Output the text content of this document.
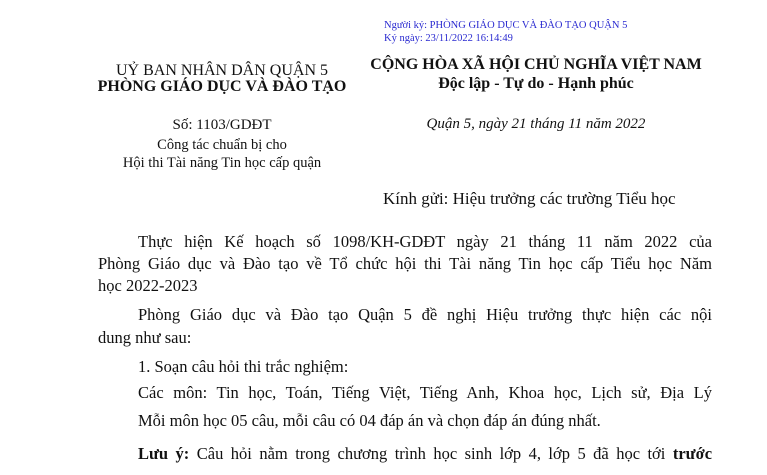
Người ký: PHÒNG GIÁO DỤC VÀ ĐÀO TẠO QUẬN 5
Ký ngày: 23/11/2022 16:14:49
UỶ BAN NHÂN DÂN QUẬN 5
PHÒNG GIÁO DỤC VÀ ĐÀO TẠO
CỘNG HÒA XÃ HỘI CHỦ NGHĨA VIỆT NAM
Độc lập - Tự do - Hạnh phúc
Số: 1103/GDĐT
Công tác chuẩn bị cho
Hội thi Tài năng Tin học cấp quận
Quận 5, ngày 21 tháng 11 năm 2022
Kính gửi: Hiệu trưởng các trường Tiểu học
Thực hiện Kế hoạch số 1098/KH-GDĐT ngày 21 tháng 11 năm 2022 của
Phòng Giáo dục và Đào tạo về Tổ chức hội thi Tài năng Tin học cấp Tiểu học Năm
học 2022-2023
Phòng Giáo dục và Đào tạo Quận 5 đề nghị Hiệu trưởng thực hiện các nội
dung như sau:
1. Soạn câu hỏi thi trắc nghiệm:
Các môn: Tin học, Toán, Tiếng Việt, Tiếng Anh, Khoa học, Lịch sử, Địa Lý
Mỗi môn học 05 câu, mỗi câu có 04 đáp án và chọn đáp án đúng nhất.
Lưu ý: Câu hỏi nằm trong chương trình học sinh lớp 4, lớp 5 đã học tới trước
